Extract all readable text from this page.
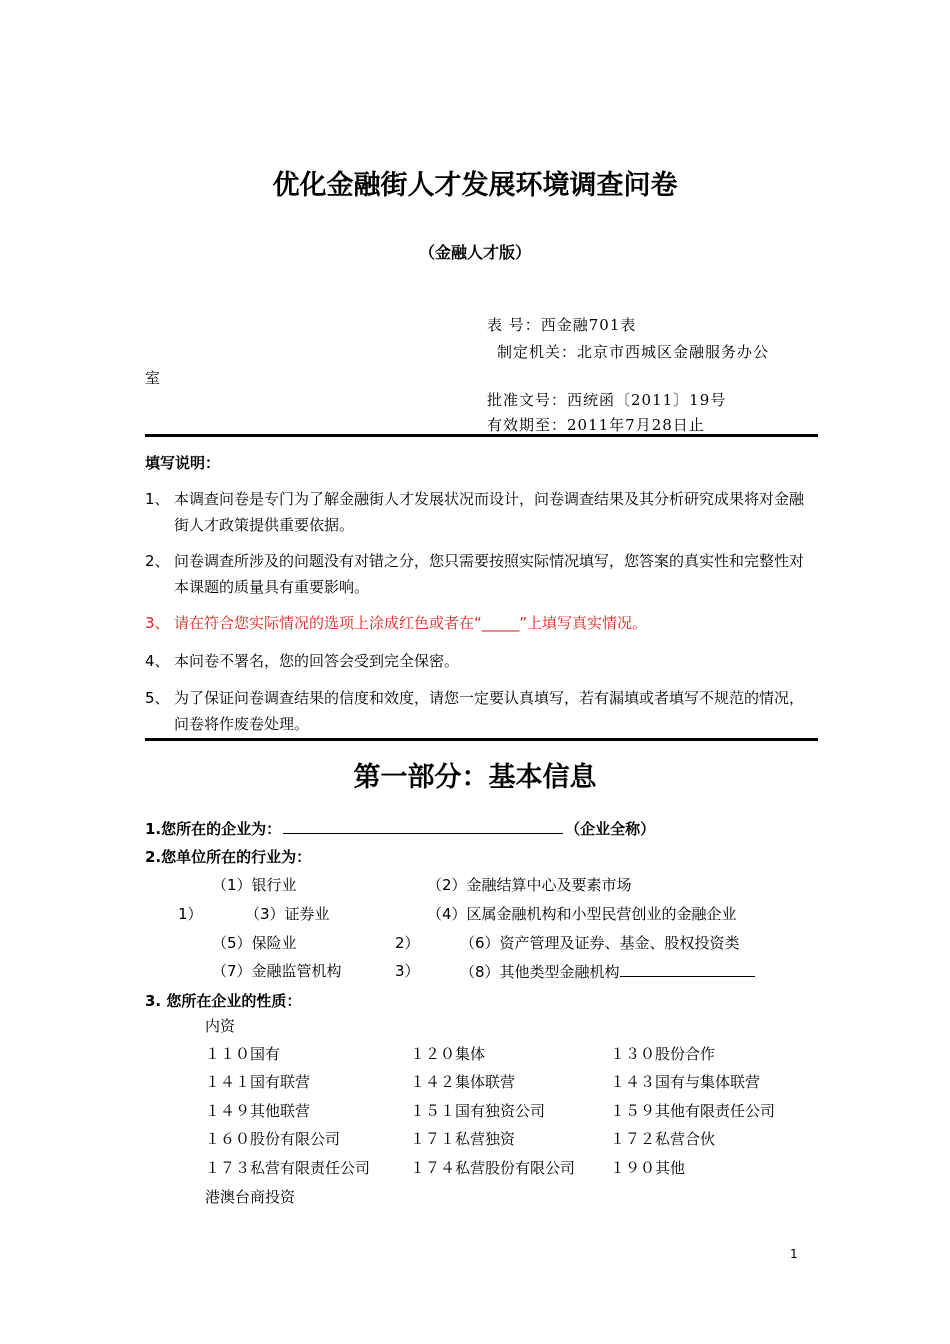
优化金融街人才发展环境调查问卷
（金融人才版）
表 号：西金融701表
制定机关：北京市西城区金融服务办公
室
批准文号：西统函〔2011〕19号
有效期至：2011年7月28日止
填写说明：
1、 本调查问卷是专门为了解金融街人才发展状况而设计，问卷调查结果及其分析研究成果将对金融街人才政策提供重要依据。
2、 问卷调查所涉及的问题没有对错之分，您只需要按照实际情况填写，您答案的真实性和完整性对本课题的质量具有重要影响。
3、 请在符合您实际情况的选项上涂成红色或者在“_____”上填写真实情况。
4、 本问卷不署名，您的回答会受到完全保密。
5、 为了保证问卷调查结果的信度和效度，请您一定要认真填写，若有漏填或者填写不规范的情况，问卷将作废卷处理。
第一部分：基本信息
1.您所在的企业为：	（企业全称）
2.您单位所在的行业为：
（1）银行业	（2）金融结算中心及要素市场
1）	（3）证券业	（4）区属金融机构和小型民营创业的金融企业
（5）保险业	2）	（6）资产管理及证券、基金、股权投资类
（7）金融监管机构	3）	（8）其他类型金融机构
3. 您所在企业的性质：
内资
１１０国有	１２０集体	１３０股份合作
１４１国有联营	１４２集体联营	１４３国有与集体联营
１４９其他联营	１５１国有独资公司	１５９其他有限责任公司
１６０股份有限公司	１７１私营独资	１７２私营合伙
１７３私营有限责任公司	１７４私营股份有限公司 １９０其他
港澳台商投资
1
